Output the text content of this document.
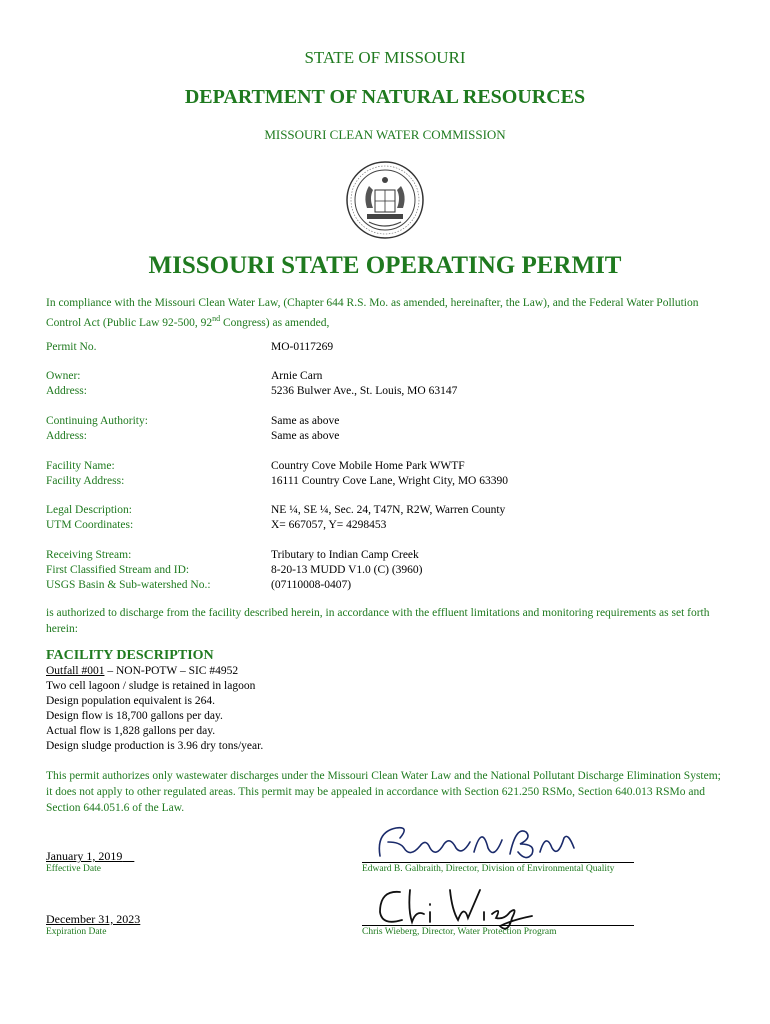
STATE OF MISSOURI
DEPARTMENT OF NATURAL RESOURCES
MISSOURI CLEAN WATER COMMISSION
MISSOURI STATE OPERATING PERMIT
In compliance with the Missouri Clean Water Law, (Chapter 644 R.S. Mo. as amended, hereinafter, the Law), and the Federal Water Pollution Control Act (Public Law 92-500, 92nd Congress) as amended,
Permit No.	MO-0117269
Owner:	Arnie Carn
Address:	5236 Bulwer Ave., St. Louis, MO 63147
Continuing Authority:	Same as above
Address:	Same as above
Facility Name:	Country Cove Mobile Home Park WWTF
Facility Address:	16111 Country Cove Lane, Wright City, MO 63390
Legal Description:	NE ¼, SE ¼, Sec. 24, T47N, R2W, Warren County
UTM Coordinates:	X= 667057, Y= 4298453
Receiving Stream:	Tributary to Indian Camp Creek
First Classified Stream and ID:	8-20-13 MUDD V1.0 (C) (3960)
USGS Basin & Sub-watershed No.:	(07110008-0407)
is authorized to discharge from the facility described herein, in accordance with the effluent limitations and monitoring requirements as set forth herein:
FACILITY DESCRIPTION
Outfall #001 – NON-POTW – SIC #4952
Two cell lagoon / sludge is retained in lagoon
Design population equivalent is 264.
Design flow is 18,700 gallons per day.
Actual flow is 1,828 gallons per day.
Design sludge production is 3.96 dry tons/year.
This permit authorizes only wastewater discharges under the Missouri Clean Water Law and the National Pollutant Discharge Elimination System; it does not apply to other regulated areas. This permit may be appealed in accordance with Section 621.250 RSMo, Section 640.013 RSMo and Section 644.051.6 of the Law.
January 1, 2019
Effective Date	Edward B. Galbraith, Director, Division of Environmental Quality
December 31, 2023
Expiration Date	Chris Wieberg, Director, Water Protection Program
